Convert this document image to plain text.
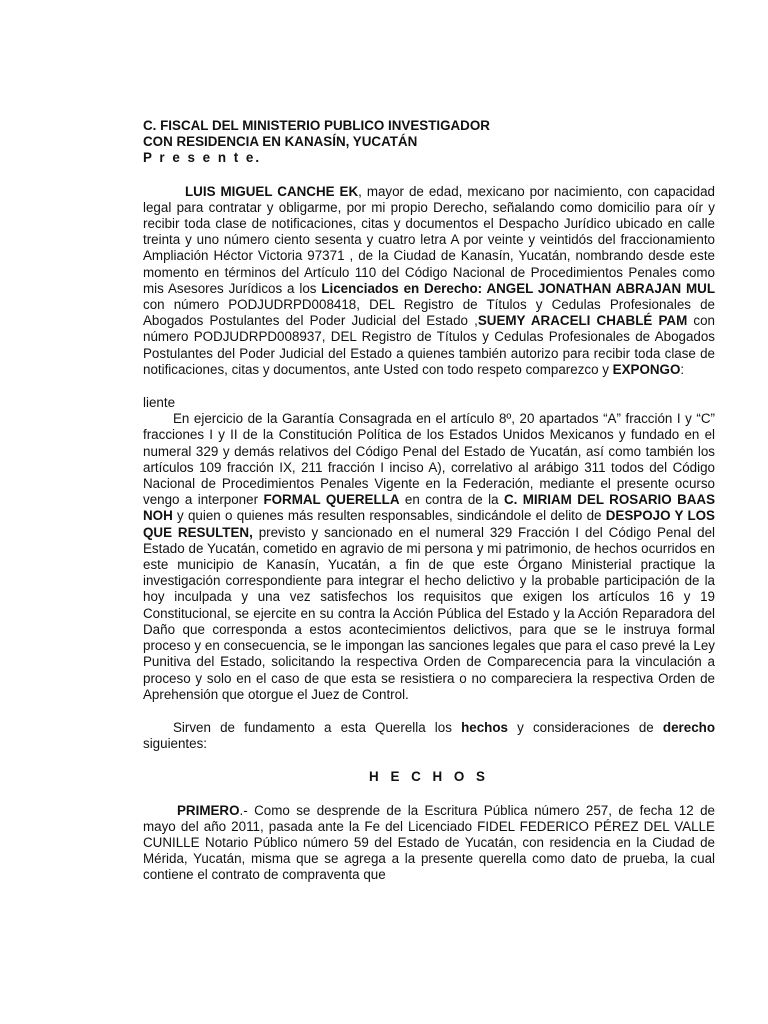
C. FISCAL DEL MINISTERIO PUBLICO INVESTIGADOR
CON RESIDENCIA EN KANASÍN, YUCATÁN
P r e s e n t e.

LUIS MIGUEL CANCHE EK, mayor de edad, mexicano por nacimiento, con capacidad legal para contratar y obligarme, por mi propio Derecho, señalando como domicilio para oír y recibir toda clase de notificaciones, citas y documentos el Despacho Jurídico ubicado en calle treinta y uno número ciento sesenta y cuatro letra A por veinte y veintidós del fraccionamiento Ampliación Héctor Victoria 97371 , de la Ciudad de Kanasín, Yucatán, nombrando desde este momento en términos del Artículo 110 del Código Nacional de Procedimientos Penales como mis Asesores Jurídicos a los Licenciados en Derecho: ANGEL JONATHAN ABRAJAN MUL con número PODJUDRPD008418, DEL Registro de Títulos y Cedulas Profesionales de Abogados Postulantes del Poder Judicial del Estado ,SUEMY ARACELI CHABLÉ PAM con número PODJUDRPD008937, DEL Registro de Títulos y Cedulas Profesionales de Abogados Postulantes del Poder Judicial del Estado a quienes también autorizo para recibir toda clase de notificaciones, citas y documentos, ante Usted con todo respeto comparezco y EXPONGO:

liente

En ejercicio de la Garantía Consagrada en el artículo 8º, 20 apartados “A” fracción I y “C” fracciones I y II de la Constitución Política de los Estados Unidos Mexicanos y fundado en el numeral 329 y demás relativos del Código Penal del Estado de Yucatán, así como también los artículos 109 fracción IX, 211 fracción I inciso A), correlativo al arábigo 311 todos del Código Nacional de Procedimientos Penales Vigente en la Federación, mediante el presente ocurso vengo a interponer FORMAL QUERELLA en contra de la C. MIRIAM DEL ROSARIO BAAS NOH y quien o quienes más resulten responsables, sindicándole el delito de DESPOJO Y LOS QUE RESULTEN, previsto y sancionado en el numeral 329 Fracción I del Código Penal del Estado de Yucatán, cometido en agravio de mi persona y mi patrimonio, de hechos ocurridos en este municipio de Kanasín, Yucatán, a fin de que este Órgano Ministerial practique la investigación correspondiente para integrar el hecho delictivo y la probable participación de la hoy inculpada y una vez satisfechos los requisitos que exigen los artículos 16 y 19 Constitucional, se ejercite en su contra la Acción Pública del Estado y la Acción Reparadora del Daño que corresponda a estos acontecimientos delictivos, para que se le instruya formal proceso y en consecuencia, se le impongan las sanciones legales que para el caso prevé la Ley Punitiva del Estado, solicitando la respectiva Orden de Comparecencia para la vinculación a proceso y solo en el caso de que esta se resistiera o no compareciera la respectiva Orden de Aprehensión que otorgue el Juez de Control.

Sirven de fundamento a esta Querella los hechos y consideraciones de derecho siguientes:

H E C H O S

PRIMERO.- Como se desprende de la Escritura Pública número 257, de fecha 12 de mayo del año 2011, pasada ante la Fe del Licenciado FIDEL FEDERICO PÉREZ DEL VALLE CUNILLE Notario Público número 59 del Estado de Yucatán, con residencia en la Ciudad de Mérida, Yucatán, misma que se agrega a la presente querella como dato de prueba, la cual contiene el contrato de compraventa que
